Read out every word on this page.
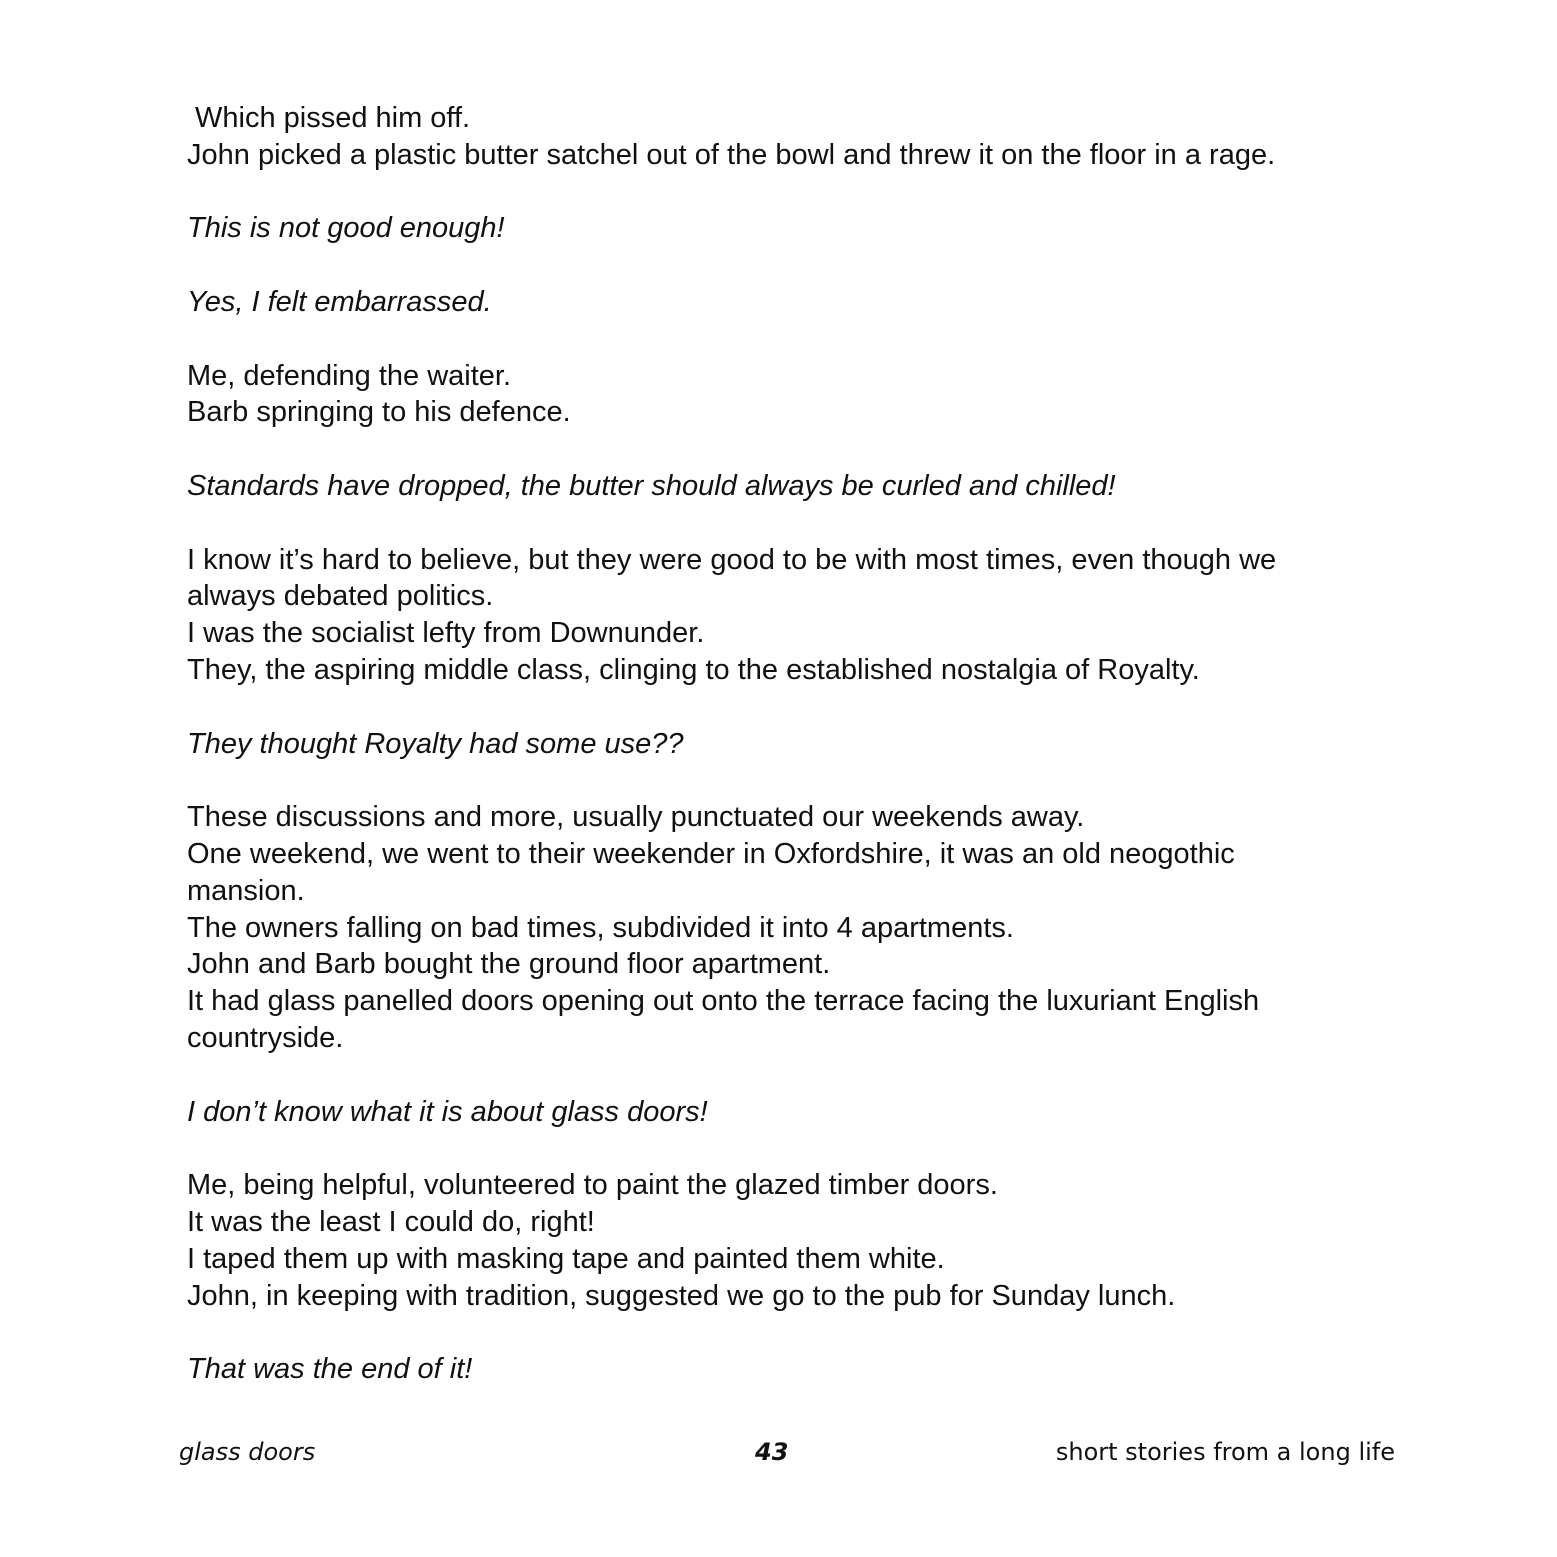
Which pissed him off.
John picked a plastic butter satchel out of the bowl and threw it on the floor in a rage.

This is not good enough!

Yes, I felt embarrassed.

Me, defending the waiter.
Barb springing to his defence.

Standards have dropped, the butter should always be curled and chilled!

I know it’s hard to believe, but they were good to be with most times, even though we
always debated politics.
I was the socialist lefty from Downunder.
They, the aspiring middle class, clinging to the established nostalgia of Royalty.

They thought Royalty had some use??

These discussions and more, usually punctuated our weekends away.
One weekend, we went to their weekender in Oxfordshire, it was an old neogothic
mansion.
The owners falling on bad times, subdivided it into 4 apartments.
John and Barb bought the ground floor apartment.
It had glass panelled doors opening out onto the terrace facing the luxuriant English
countryside.

I don’t know what it is about glass doors!

Me, being helpful, volunteered to paint the glazed timber doors.
It was the least I could do, right!
I taped them up with masking tape and painted them white.
John, in keeping with tradition, suggested we go to the pub for Sunday lunch.

That was the end of it!

glass doors	43	short stories from a long life
